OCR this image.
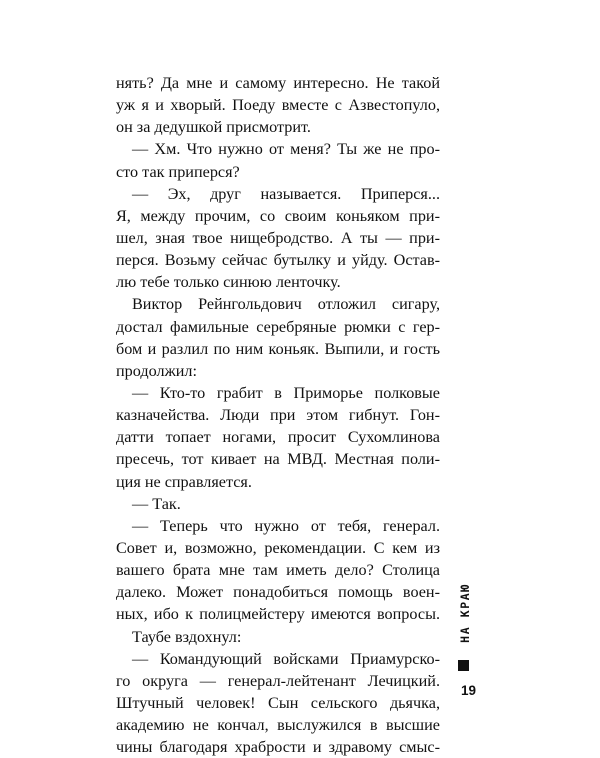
нять? Да мне и самому интересно. Не такой
уж я и хворый. Поеду вместе с Азвестопуло,
он за дедушкой присмотрит.
— Хм. Что нужно от меня? Ты же не про-
сто так приперся?
— Эх, друг называется. Приперся...
Я, между прочим, со своим коньяком при-
шел, зная твое нищебродство. А ты — при-
перся. Возьму сейчас бутылку и уйду. Остав-
лю тебе только синюю ленточку.
Виктор Рейнгольдович отложил сигару,
достал фамильные серебряные рюмки с гер-
бом и разлил по ним коньяк. Выпили, и гость
продолжил:
— Кто-то грабит в Приморье полковые
казначейства. Люди при этом гибнут. Гон-
датти топает ногами, просит Сухомлинова
пресечь, тот кивает на МВД. Местная поли-
ция не справляется.
— Так.
— Теперь что нужно от тебя, генерал.
Совет и, возможно, рекомендации. С кем из
вашего брата мне там иметь дело? Столица
далеко. Может понадобиться помощь воен-
ных, ибо к полицмейстеру имеются вопросы.
Таубе вздохнул:
— Командующий войсками Приамурско-
го округа — генерал-лейтенант Лечицкий.
Штучный человек! Сын сельского дьячка,
академию не кончал, выслужился в высшие
чины благодаря храбрости и здравому смыс-
НА КРАЮ
19
